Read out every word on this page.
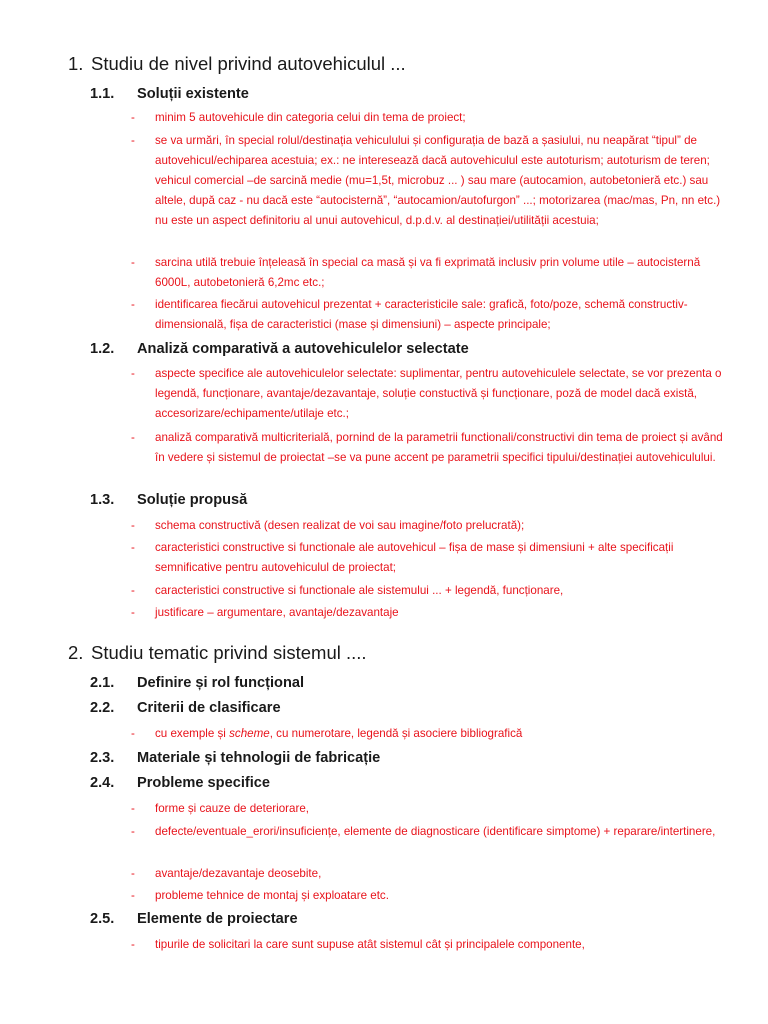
1. Studiu de nivel privind autovehiculul ...
1.1. Soluții existente

- minim 5 autovehicule din categoria celui din tema de proiect;

- se va urmări, în special rolul/destinația vehiculului și configurația de bază a șasiului, nu neapărat “tipul” de autovehicul/echiparea acestuia; ex.: ne interesează dacă autovehiculul este autoturism; autoturism de teren; vehicul comercial –de sarcină medie (mu=1,5t, microbuz ... ) sau mare (autocamion, autobetonieră etc.) sau altele, după caz - nu dacă este “autocisternă”, “autocamion/autofurgon” ...; motorizarea (mac/mas, Pn, nn etc.) nu este un aspect definitoriu al unui autovehicul, d.p.d.v. al destinației/utilității acestuia;

- sarcina utilă trebuie înțeleasă în special ca masă și va fi exprimată inclusiv prin volume utile – autocisternă 6000L, autobetonieră 6,2mc etc.;

- identificarea fiecărui autovehicul prezentat + caracteristicile sale: grafică, foto/poze, schemă constructiv-dimensională, fișa de caracteristici (mase și dimensiuni) – aspecte principale;

1.2. Analiză comparativă a autovehiculelor selectate

- aspecte specifice ale autovehiculelor selectate: suplimentar, pentru autovehiculele selectate, se vor prezenta o legendă, funcționare, avantaje/dezavantaje, soluție constuctivă și funcționare, poză de model dacă există, accesorizare/echipamente/utilaje etc.;

- analiză comparativă multicriterială, pornind de la parametrii functionali/constructivi din tema de proiect și având în vedere și sistemul de proiectat –se va pune accent pe parametrii specifici tipului/destinației autovehiculului.

1.3. Soluție propusă

- schema constructivă (desen realizat de voi sau imagine/foto prelucrată);

- caracteristici constructive si functionale ale autovehicul – fișa de mase și dimensiuni + alte specificații semnificative pentru autovehiculul de proiectat;

- caracteristici constructive si functionale ale sistemului ... + legendă, funcționare,

- justificare – argumentare, avantaje/dezavantaje

2. Studiu tematic privind sistemul ....
2.1. Definire și rol funcțional
2.2. Criterii de clasificare

- cu exemple și scheme, cu numerotare, legendă și asociere bibliografică

2.3. Materiale și tehnologii de fabricație
2.4. Probleme specifice

- forme și cauze de deteriorare,

- defecte/eventuale_erori/insuficiențe, elemente de diagnosticare (identificare simptome) + reparare/intertinere,

- avantaje/dezavantaje deosebite,

- probleme tehnice de montaj și exploatare etc.

2.5. Elemente de proiectare

- tipurile de solicitari la care sunt supuse atât sistemul cât și principalele componente,
